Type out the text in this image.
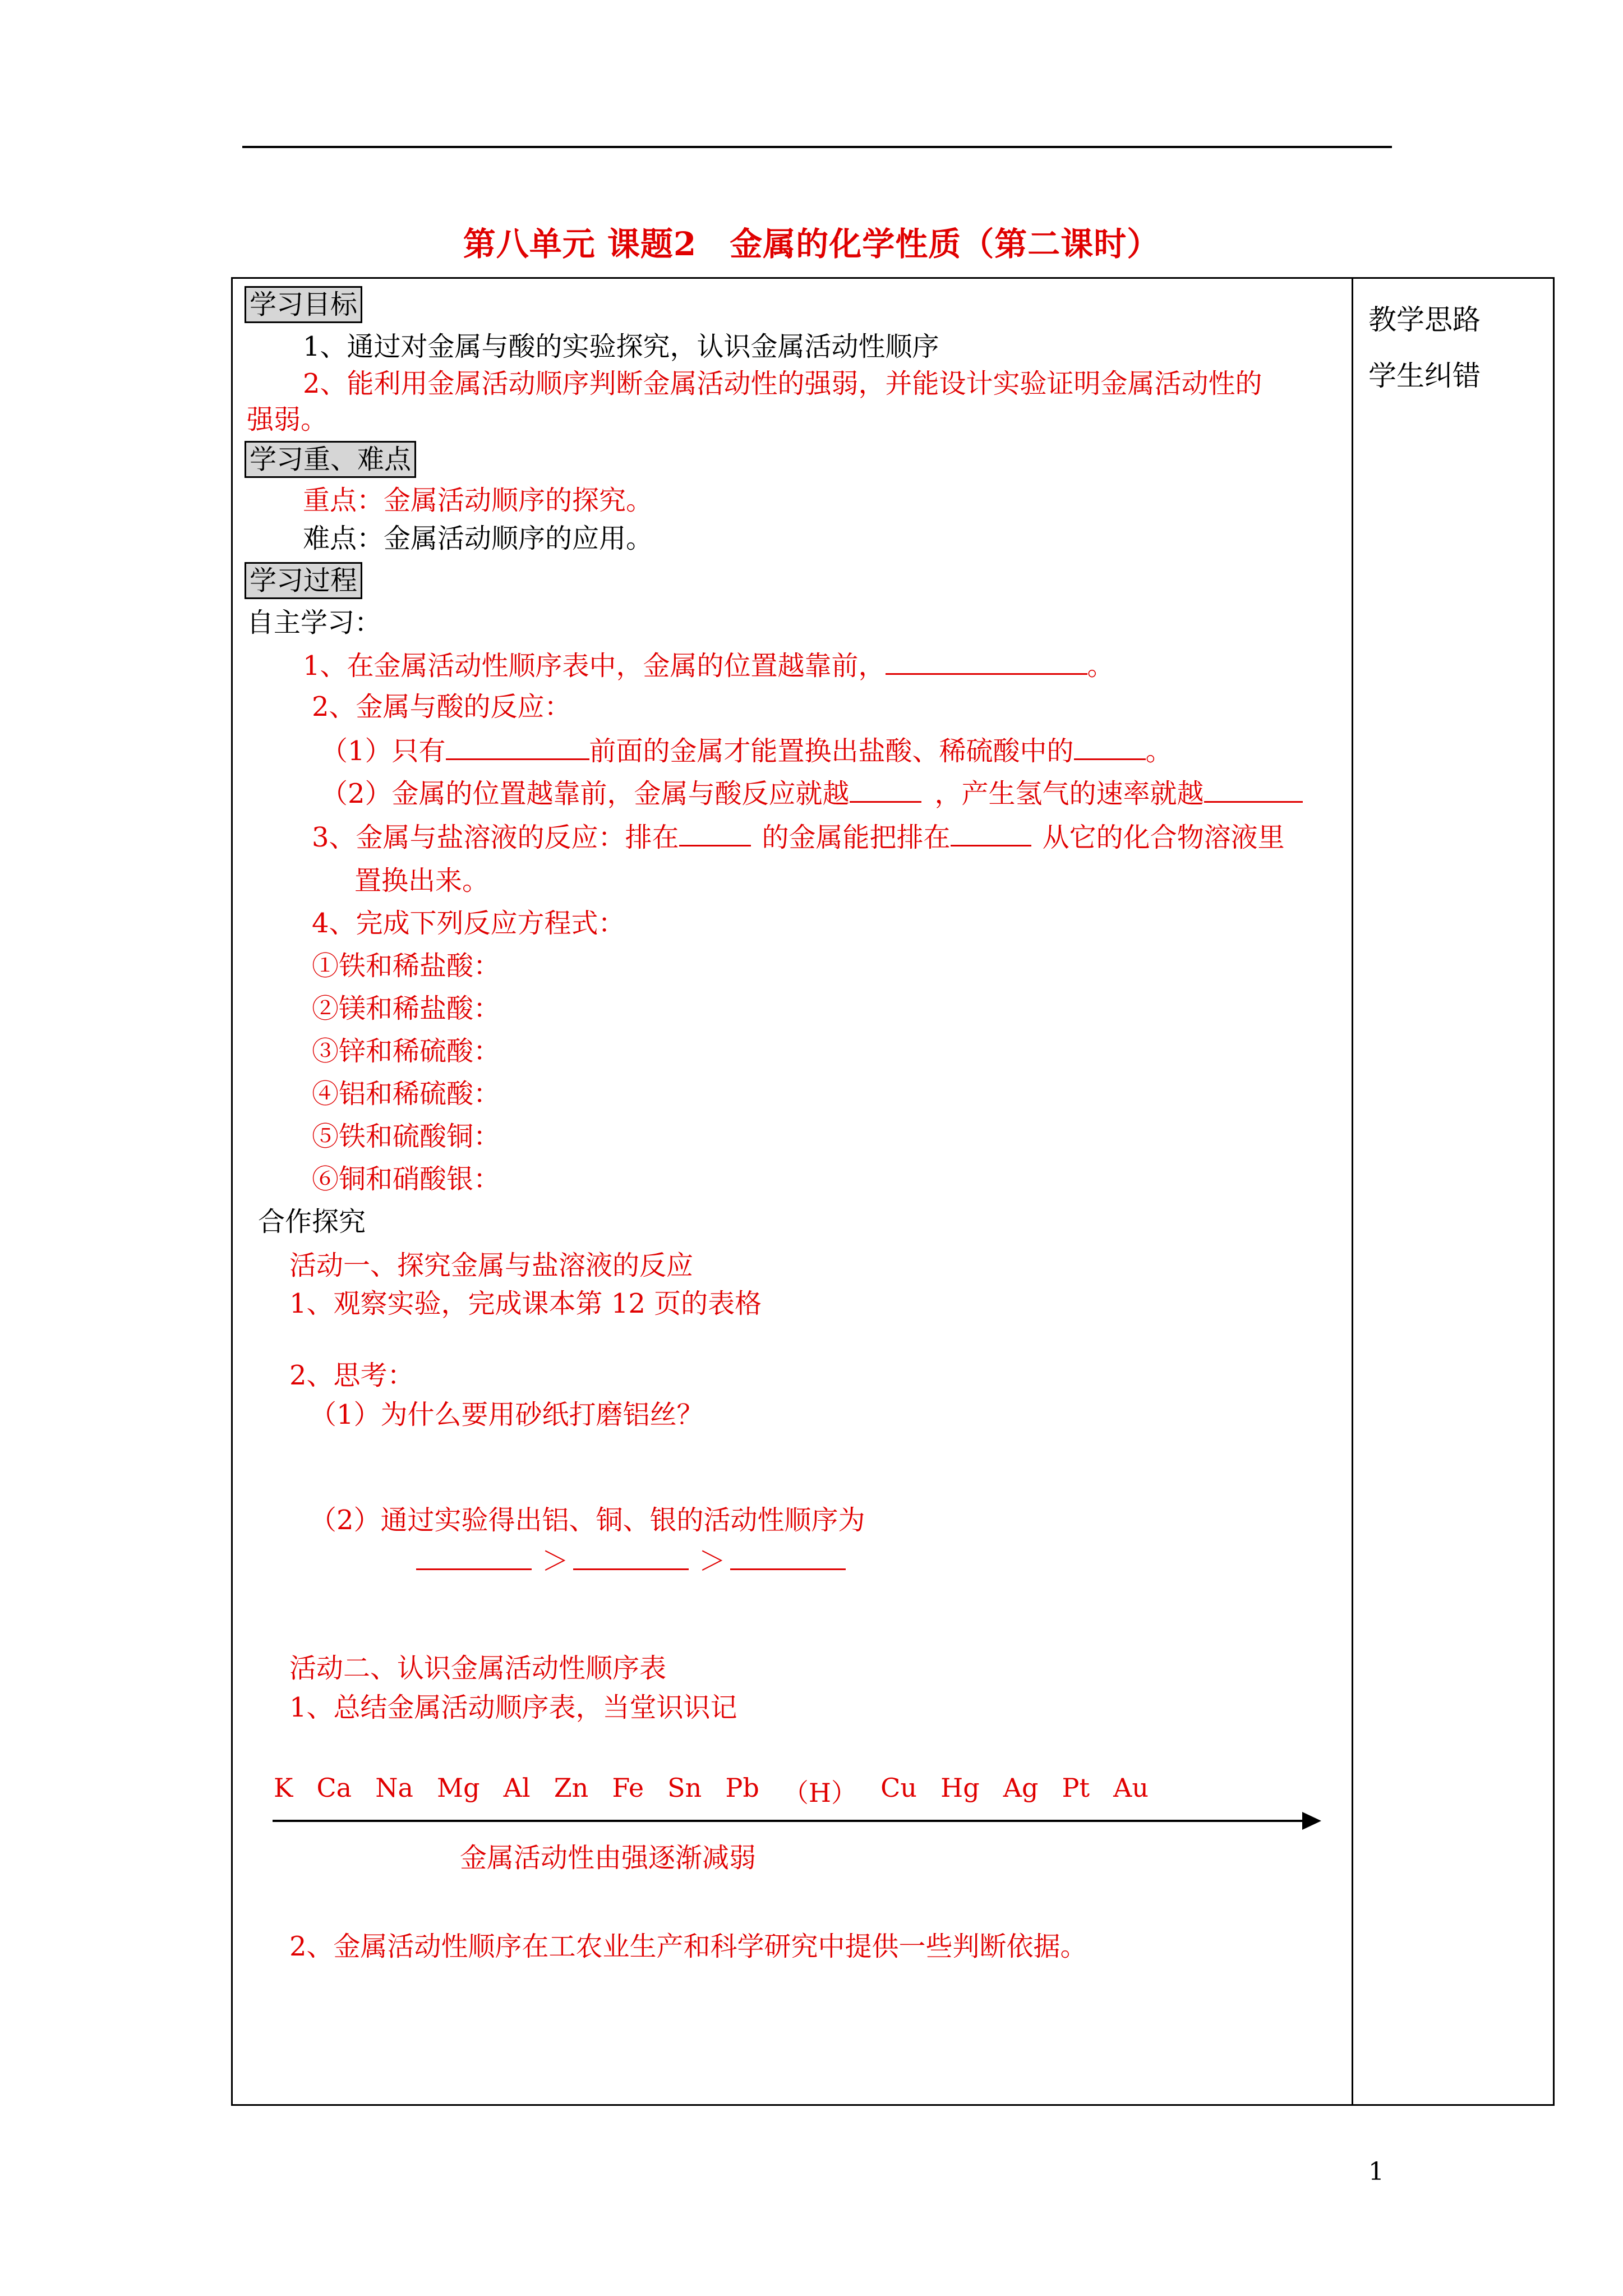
第八单元 课题2　金属的化学性质（第二课时）
教学思路
学生纠错
学习目标
1、通过对金属与酸的实验探究，认识金属活动性顺序
2、能利用金属活动顺序判断金属活动性的强弱，并能设计实验证明金属活动性的
强弱。
学习重、难点
重点：金属活动顺序的探究。
难点：金属活动顺序的应用。
学习过程
自主学习：
1、在金属活动性顺序表中，金属的位置越靠前，	。
2、金属与酸的反应：
（1）只有	前面的金属才能置换出盐酸、稀硫酸中的	。
（2）金属的位置越靠前，金属与酸反应就越	，产生氢气的速率就越
3、金属与盐溶液的反应：排在	的金属能把排在	从它的化合物溶液里
置换出来。
4、完成下列反应方程式：
①铁和稀盐酸：
②镁和稀盐酸：
③锌和稀硫酸：
④铝和稀硫酸：
⑤铁和硫酸铜：
⑥铜和硝酸银：
合作探究
活动一、探究金属与盐溶液的反应
1、观察实验，完成课本第 12 页的表格
2、思考：
（1）为什么要用砂纸打磨铝丝？
（2）通过实验得出铝、铜、银的活动性顺序为
＞	＞
活动二、认识金属活动性顺序表
1、总结金属活动顺序表，当堂识识记
K Ca Na Mg Al Zn Fe Sn Pb （H） Cu Hg Ag Pt Au
金属活动性由强逐渐减弱
2、金属活动性顺序在工农业生产和科学研究中提供一些判断依据。
1
